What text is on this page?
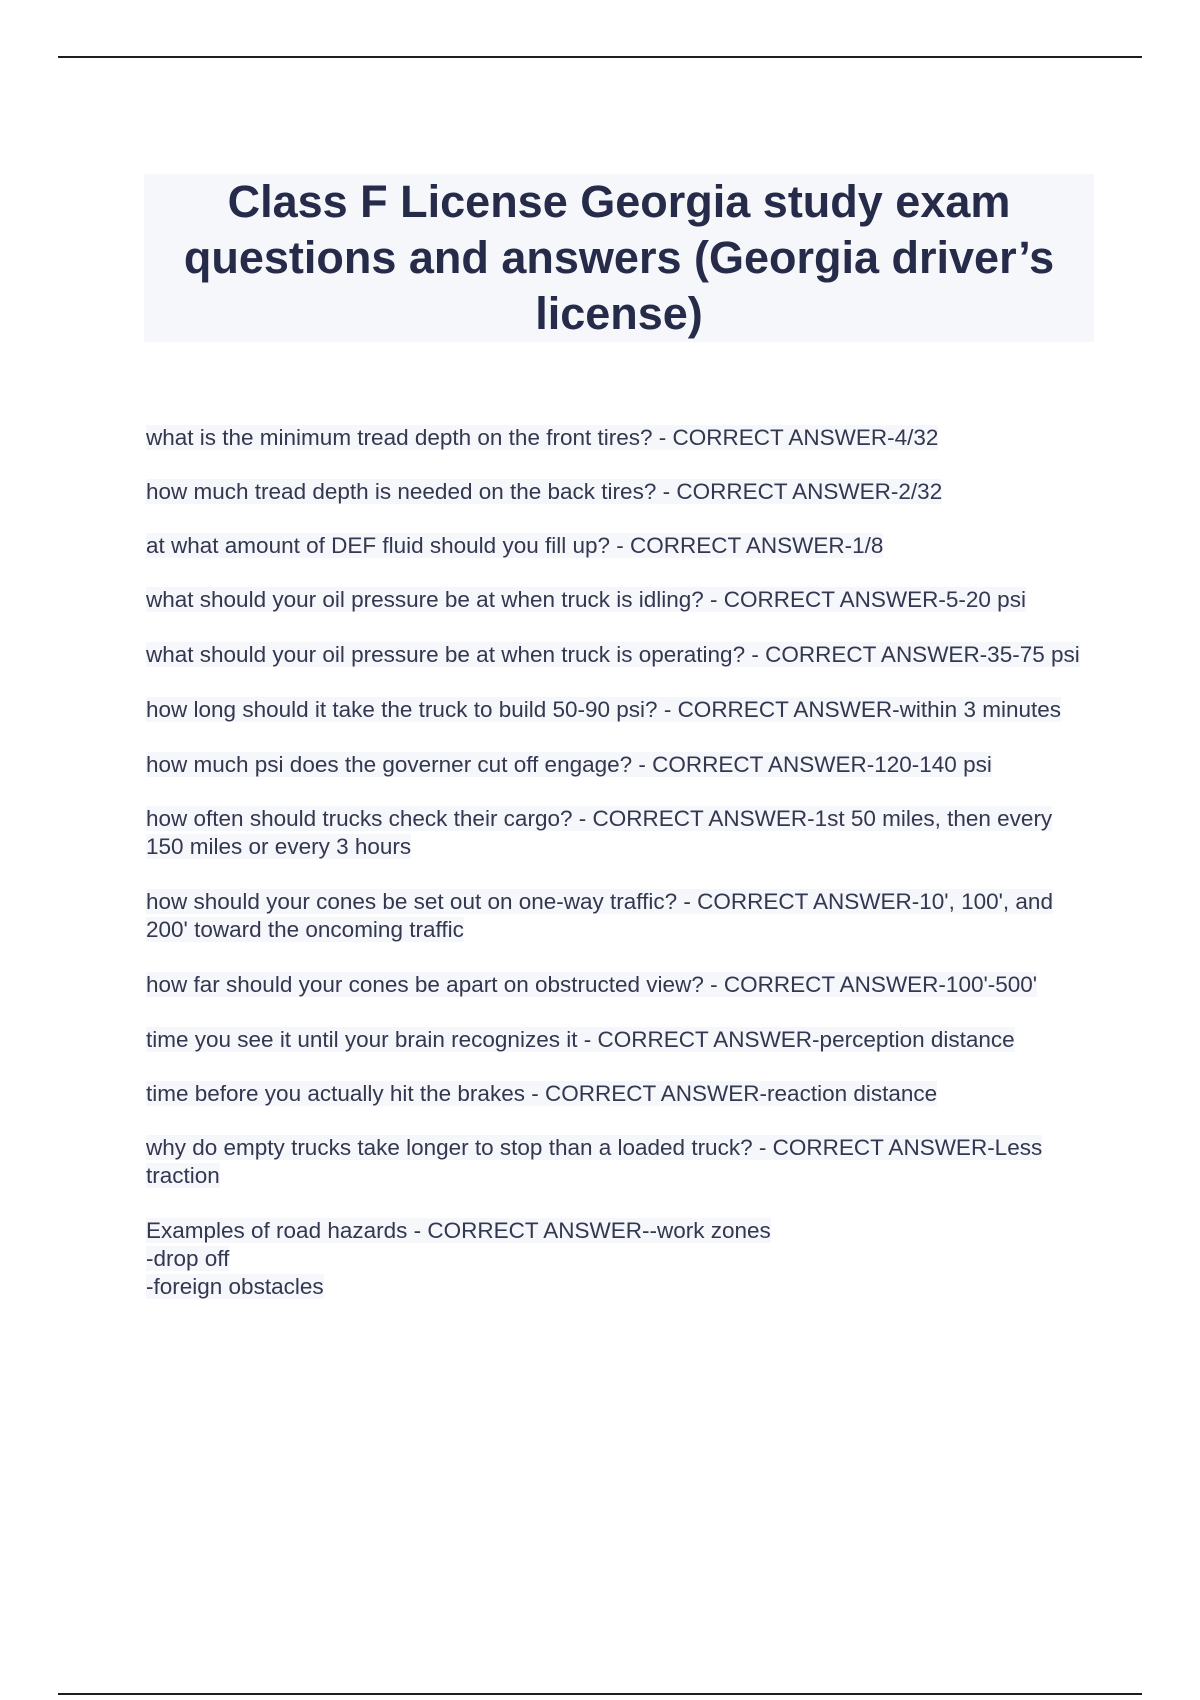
Class F License Georgia study exam questions and answers (Georgia driver’s license)
what is the minimum tread depth on the front tires? - CORRECT ANSWER-4/32
how much tread depth is needed on the back tires? - CORRECT ANSWER-2/32
at what amount of DEF fluid should you fill up? - CORRECT ANSWER-1/8
what should your oil pressure be at when truck is idling? - CORRECT ANSWER-5-20 psi
what should your oil pressure be at when truck is operating? - CORRECT ANSWER-35-75 psi
how long should it take the truck to build 50-90 psi? - CORRECT ANSWER-within 3 minutes
how much psi does the governer cut off engage? - CORRECT ANSWER-120-140 psi
how often should trucks check their cargo? - CORRECT ANSWER-1st 50 miles, then every 150 miles or every 3 hours
how should your cones be set out on one-way traffic? - CORRECT ANSWER-10', 100', and 200' toward the oncoming traffic
how far should your cones be apart on obstructed view? - CORRECT ANSWER-100'-500'
time you see it until your brain recognizes it - CORRECT ANSWER-perception distance
time before you actually hit the brakes - CORRECT ANSWER-reaction distance
why do empty trucks take longer to stop than a loaded truck? - CORRECT ANSWER-Less traction
Examples of road hazards - CORRECT ANSWER--work zones
-drop off
-foreign obstacles
